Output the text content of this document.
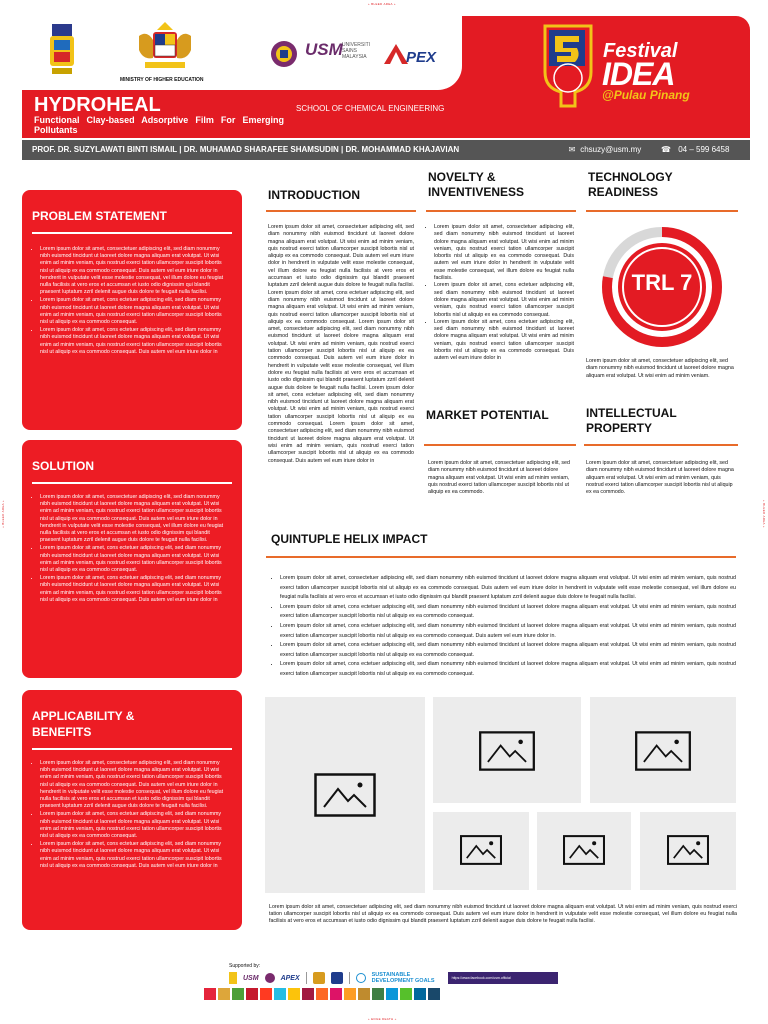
+ BLEED AREA +
+ EDGE DEATH +
+ BLEED AREA +	+ BLEED AREA +
MINISTRY OF HIGHER EDUCATION
USM UNIVERSITI
SAINS
MALAYSIA	PEX	Festival
IDEA
@Pulau Pinang
HYDROHEAL
Functional Clay-based Adsorptive Film For Emerging Pollutants
SCHOOL OF CHEMICAL ENGINEERING
PROF. DR. SUZYLAWATI BINTI ISMAIL | DR. MUHAMAD SHARAFEE SHAMSUDIN | DR. MOHAMMAD KHAJAVIAN	✉ chsuzy@usm.my ☎ 04 – 599 6458
PROBLEM STATEMENT
• Lorem ipsum dolor sit amet, consectetuer adipiscing elit, sed diam nonummy nibh euismod tincidunt ut laoreet dolore magna aliquam erat volutpat. Ut wisi enim ad minim veniam, quis nostrud exerci tation ullamcorper suscipit lobortis nisl ut aliquip ex ea commodo consequat. Duis autem vel eum iriure dolor in hendrerit in vulputate velit esse molestie consequat, vel illum dolore eu feugiat nulla facilisis at vero eros et accumsan et iusto odio dignissim qui blandit praesent luptatum zzril delenit augue duis dolore te feugait nulla facilisi.
• Lorem ipsum dolor sit amet, cons ectetuer adipiscing elit, sed diam nonummy nibh euismod tincidunt ut laoreet dolore magna aliquam erat volutpat. Ut wisi enim ad minim veniam, quis nostrud exerci tation ullamcorper suscipit lobortis nisl ut aliquip ex ea commodo consequat.
• Lorem ipsum dolor sit amet, cons ectetuer adipiscing elit, sed diam nonummy nibh euismod tincidunt ut laoreet dolore magna aliquam erat volutpat. Ut wisi enim ad minim veniam, quis nostrud exerci tation ullamcorper suscipit lobortis nisl ut aliquip ex ea commodo consequat. Duis autem vel eum iriure dolor in
SOLUTION
• Lorem ipsum dolor sit amet, consectetuer adipiscing elit, sed diam nonummy nibh euismod tincidunt ut laoreet dolore magna aliquam erat volutpat. Ut wisi enim ad minim veniam, quis nostrud exerci tation ullamcorper suscipit lobortis nisl ut aliquip ex ea commodo consequat. Duis autem vel eum iriure dolor in hendrerit in vulputate velit esse molestie consequat, vel illum dolore eu feugiat nulla facilisis at vero eros et accumsan et iusto odio dignissim qui blandit praesent luptatum zzril delenit augue duis dolore te feugait nulla facilisi.
• Lorem ipsum dolor sit amet, cons ectetuer adipiscing elit, sed diam nonummy nibh euismod tincidunt ut laoreet dolore magna aliquam erat volutpat. Ut wisi enim ad minim veniam, quis nostrud exerci tation ullamcorper suscipit lobortis nisl ut aliquip ex ea commodo consequat.
• Lorem ipsum dolor sit amet, cons ectetuer adipiscing elit, sed diam nonummy nibh euismod tincidunt ut laoreet dolore magna aliquam erat volutpat. Ut wisi enim ad minim veniam, quis nostrud exerci tation ullamcorper suscipit lobortis nisl ut aliquip ex ea commodo consequat. Duis autem vel eum iriure dolor in
APPLICABILITY & BENEFITS
• Lorem ipsum dolor sit amet, consectetuer adipiscing elit, sed diam nonummy nibh euismod tincidunt ut laoreet dolore magna aliquam erat volutpat. Ut wisi enim ad minim veniam, quis nostrud exerci tation ullamcorper suscipit lobortis nisl ut aliquip ex ea commodo consequat. Duis autem vel eum iriure dolor in hendrerit in vulputate velit esse molestie consequat, vel illum dolore eu feugiat nulla facilisis at vero eros et accumsan et iusto odio dignissim qui blandit praesent luptatum zzril delenit augue duis dolore te feugait nulla facilisi.
• Lorem ipsum dolor sit amet, cons ectetuer adipiscing elit, sed diam nonummy nibh euismod tincidunt ut laoreet dolore magna aliquam erat volutpat. Ut wisi enim ad minim veniam, quis nostrud exerci tation ullamcorper suscipit lobortis nisl ut aliquip ex ea commodo consequat.
• Lorem ipsum dolor sit amet, cons ectetuer adipiscing elit, sed diam nonummy nibh euismod tincidunt ut laoreet dolore magna aliquam erat volutpat. Ut wisi enim ad minim veniam, quis nostrud exerci tation ullamcorper suscipit lobortis nisl ut aliquip ex ea commodo consequat. Duis autem vel eum iriure dolor in
INTRODUCTION
Lorem ipsum dolor sit amet, consectetuer adipiscing elit, sed diam nonummy nibh euismod tincidunt ut laoreet dolore magna aliquam erat volutpat. Ut wisi enim ad minim veniam, quis nostrud exerci tation ullamcorper suscipit lobortis nisl ut aliquip ex ea commodo consequat. Duis autem vel eum iriure dolor in hendrerit in vulputate velit esse molestie consequat, vel illum dolore eu feugiat nulla facilisis at vero eros et accumsan et iusto odio dignissim qui blandit praesent luptatum zzril delenit augue duis dolore te feugait nulla facilisi. Lorem ipsum dolor sit amet, cons ectetuer adipiscing elit, sed diam nonummy nibh euismod tincidunt ut laoreet dolore magna aliquam erat volutpat. Ut wisi enim ad minim veniam, quis nostrud exerci tation ullamcorper suscipit lobortis nisl ut aliquip ex ea commodo consequat. Lorem ipsum dolor sit amet, consectetuer adipiscing elit, sed diam nonummy nibh euismod tincidunt ut laoreet dolore magna aliquam erat volutpat. Ut wisi enim ad minim veniam, quis nostrud exerci tation ullamcorper suscipit lobortis nisl ut aliquip ex ea commodo consequat. Duis autem vel eum iriure dolor in hendrerit in vulputate velit esse molestie consequat, vel illum dolore eu feugiat nulla facilisis at vero eros et accumsan et iusto odio dignissim qui blandit praesent luptatum zzril delenit augue duis dolore te feugait nulla facilisi. Lorem ipsum dolor sit amet, cons ectetuer adipiscing elit, sed diam nonummy nibh euismod tincidunt ut laoreet dolore magna aliquam erat volutpat. Ut wisi enim ad minim veniam, quis nostrud exerci tation ullamcorper suscipit lobortis nisl ut aliquip ex ea commodo consequat. Lorem ipsum dolor sit amet, consectetuer adipiscing elit, sed diam nonummy nibh euismod tincidunt ut laoreet dolore magna aliquam erat volutpat. Ut wisi enim ad minim veniam, quis nostrud exerci tation ullamcorper suscipit lobortis nisl ut aliquip ex ea commodo consequat. Duis autem vel eum iriure dolor in
NOVELTY & INVENTIVENESS
• Lorem ipsum dolor sit amet, consectetuer adipiscing elit, sed diam nonummy nibh euismod tincidunt ut laoreet dolore magna aliquam erat volutpat. Ut wisi enim ad minim veniam, quis nostrud exerci tation ullamcorper suscipit lobortis nisl ut aliquip ex ea commodo consequat. Duis autem vel eum iriure dolor in hendrerit in vulputate velit esse molestie consequat, vel illum dolore eu feugiat nulla facilisis.
• Lorem ipsum dolor sit amet, cons ectetuer adipiscing elit, sed diam nonummy nibh euismod tincidunt ut laoreet dolore magna aliquam erat volutpat. Ut wisi enim ad minim veniam, quis nostrud exerci tation ullamcorper suscipit lobortis nisl ut aliquip ex ea commodo consequat.
• Lorem ipsum dolor sit amet, cons ectetuer adipiscing elit, sed diam nonummy nibh euismod tincidunt ut laoreet dolore magna aliquam erat volutpat. Ut wisi enim ad minim veniam, quis nostrud exerci tation ullamcorper suscipit lobortis nisl ut aliquip ex ea commodo consequat. Duis autem vel eum iriure dolor in
TECHNOLOGY READINESS
TRL 7
Lorem ipsum dolor sit amet, consectetuer adipiscing elit, sed diam nonummy nibh euismod tincidunt ut laoreet dolore magna aliquam erat volutpat. Ut wisi enim ad minim veniam.
MARKET POTENTIAL
Lorem ipsum dolor sit amet, consectetuer adipiscing elit, sed diam nonummy nibh euismod tincidunt ut laoreet dolore magna aliquam erat volutpat. Ut wisi enim ad minim veniam, quis nostrud exerci tation ullamcorper suscipit lobortis nisl ut aliquip ex ea commodo.
INTELLECTUAL PROPERTY
Lorem ipsum dolor sit amet, consectetuer adipiscing elit, sed diam nonummy nibh euismod tincidunt ut laoreet dolore magna aliquam erat volutpat. Ut wisi enim ad minim veniam, quis nostrud exerci tation ullamcorper suscipit lobortis nisl ut aliquip ex ea commodo.
QUINTUPLE HELIX IMPACT
• Lorem ipsum dolor sit amet, consectetuer adipiscing elit, sed diam nonummy nibh euismod tincidunt ut laoreet dolore magna aliquam erat volutpat. Ut wisi enim ad minim veniam, quis nostrud exerci tation ullamcorper suscipit lobortis nisl ut aliquip ex ea commodo consequat. Duis autem vel eum iriure dolor in hendrerit in vulputate velit esse molestie consequat, vel illum dolore eu feugiat nulla facilisis at vero eros et accumsan et iusto odio dignissim qui blandit praesent luptatum zzril delenit augue duis dolore te feugait nulla facilisi.
• Lorem ipsum dolor sit amet, cons ectetuer adipiscing elit, sed diam nonummy nibh euismod tincidunt ut laoreet dolore magna aliquam erat volutpat. Ut wisi enim ad minim veniam, quis nostrud exerci tation ullamcorper suscipit lobortis nisl ut aliquip ex ea commodo consequat.
• Lorem ipsum dolor sit amet, cons ectetuer adipiscing elit, sed diam nonummy nibh euismod tincidunt ut laoreet dolore magna aliquam erat volutpat. Ut wisi enim ad minim veniam, quis nostrud exerci tation ullamcorper suscipit lobortis nisl ut aliquip ex ea commodo consequat. Duis autem vel eum iriure dolor in.
• Lorem ipsum dolor sit amet, cons ectetuer adipiscing elit, sed diam nonummy nibh euismod tincidunt ut laoreet dolore magna aliquam erat volutpat. Ut wisi enim ad minim veniam, quis nostrud exerci tation ullamcorper suscipit lobortis nisl ut aliquip ex ea commodo consequat.
• Lorem ipsum dolor sit amet, cons ectetuer adipiscing elit, sed diam nonummy nibh euismod tincidunt ut laoreet dolore magna aliquam erat volutpat. Ut wisi enim ad minim veniam, quis nostrud exerci tation ullamcorper suscipit lobortis nisl ut aliquip ex ea commodo consequat.
Lorem ipsum dolor sit amet, consectetuer adipiscing elit, sed diam nonummy nibh euismod tincidunt ut laoreet dolore magna aliquam erat volutpat. Ut wisi enim ad minim veniam, quis nostrud exerci tation ullamcorper suscipit lobortis nisl ut aliquip ex ea commodo consequat. Duis autem vel eum iriure dolor in hendrerit in vulputate velit esse molestie consequat, vel illum dolore eu feugiat nulla facilisis at vero eros et accumsan et iusto odio dignissim qui blandit praesent luptatum zzril delenit augue duis dolore te feugait nulla facilisi.
Supported by:
USM	APEX	SUSTAINABLE DEVELOPMENT GOALS	https://www.facebook.com/usm.official
